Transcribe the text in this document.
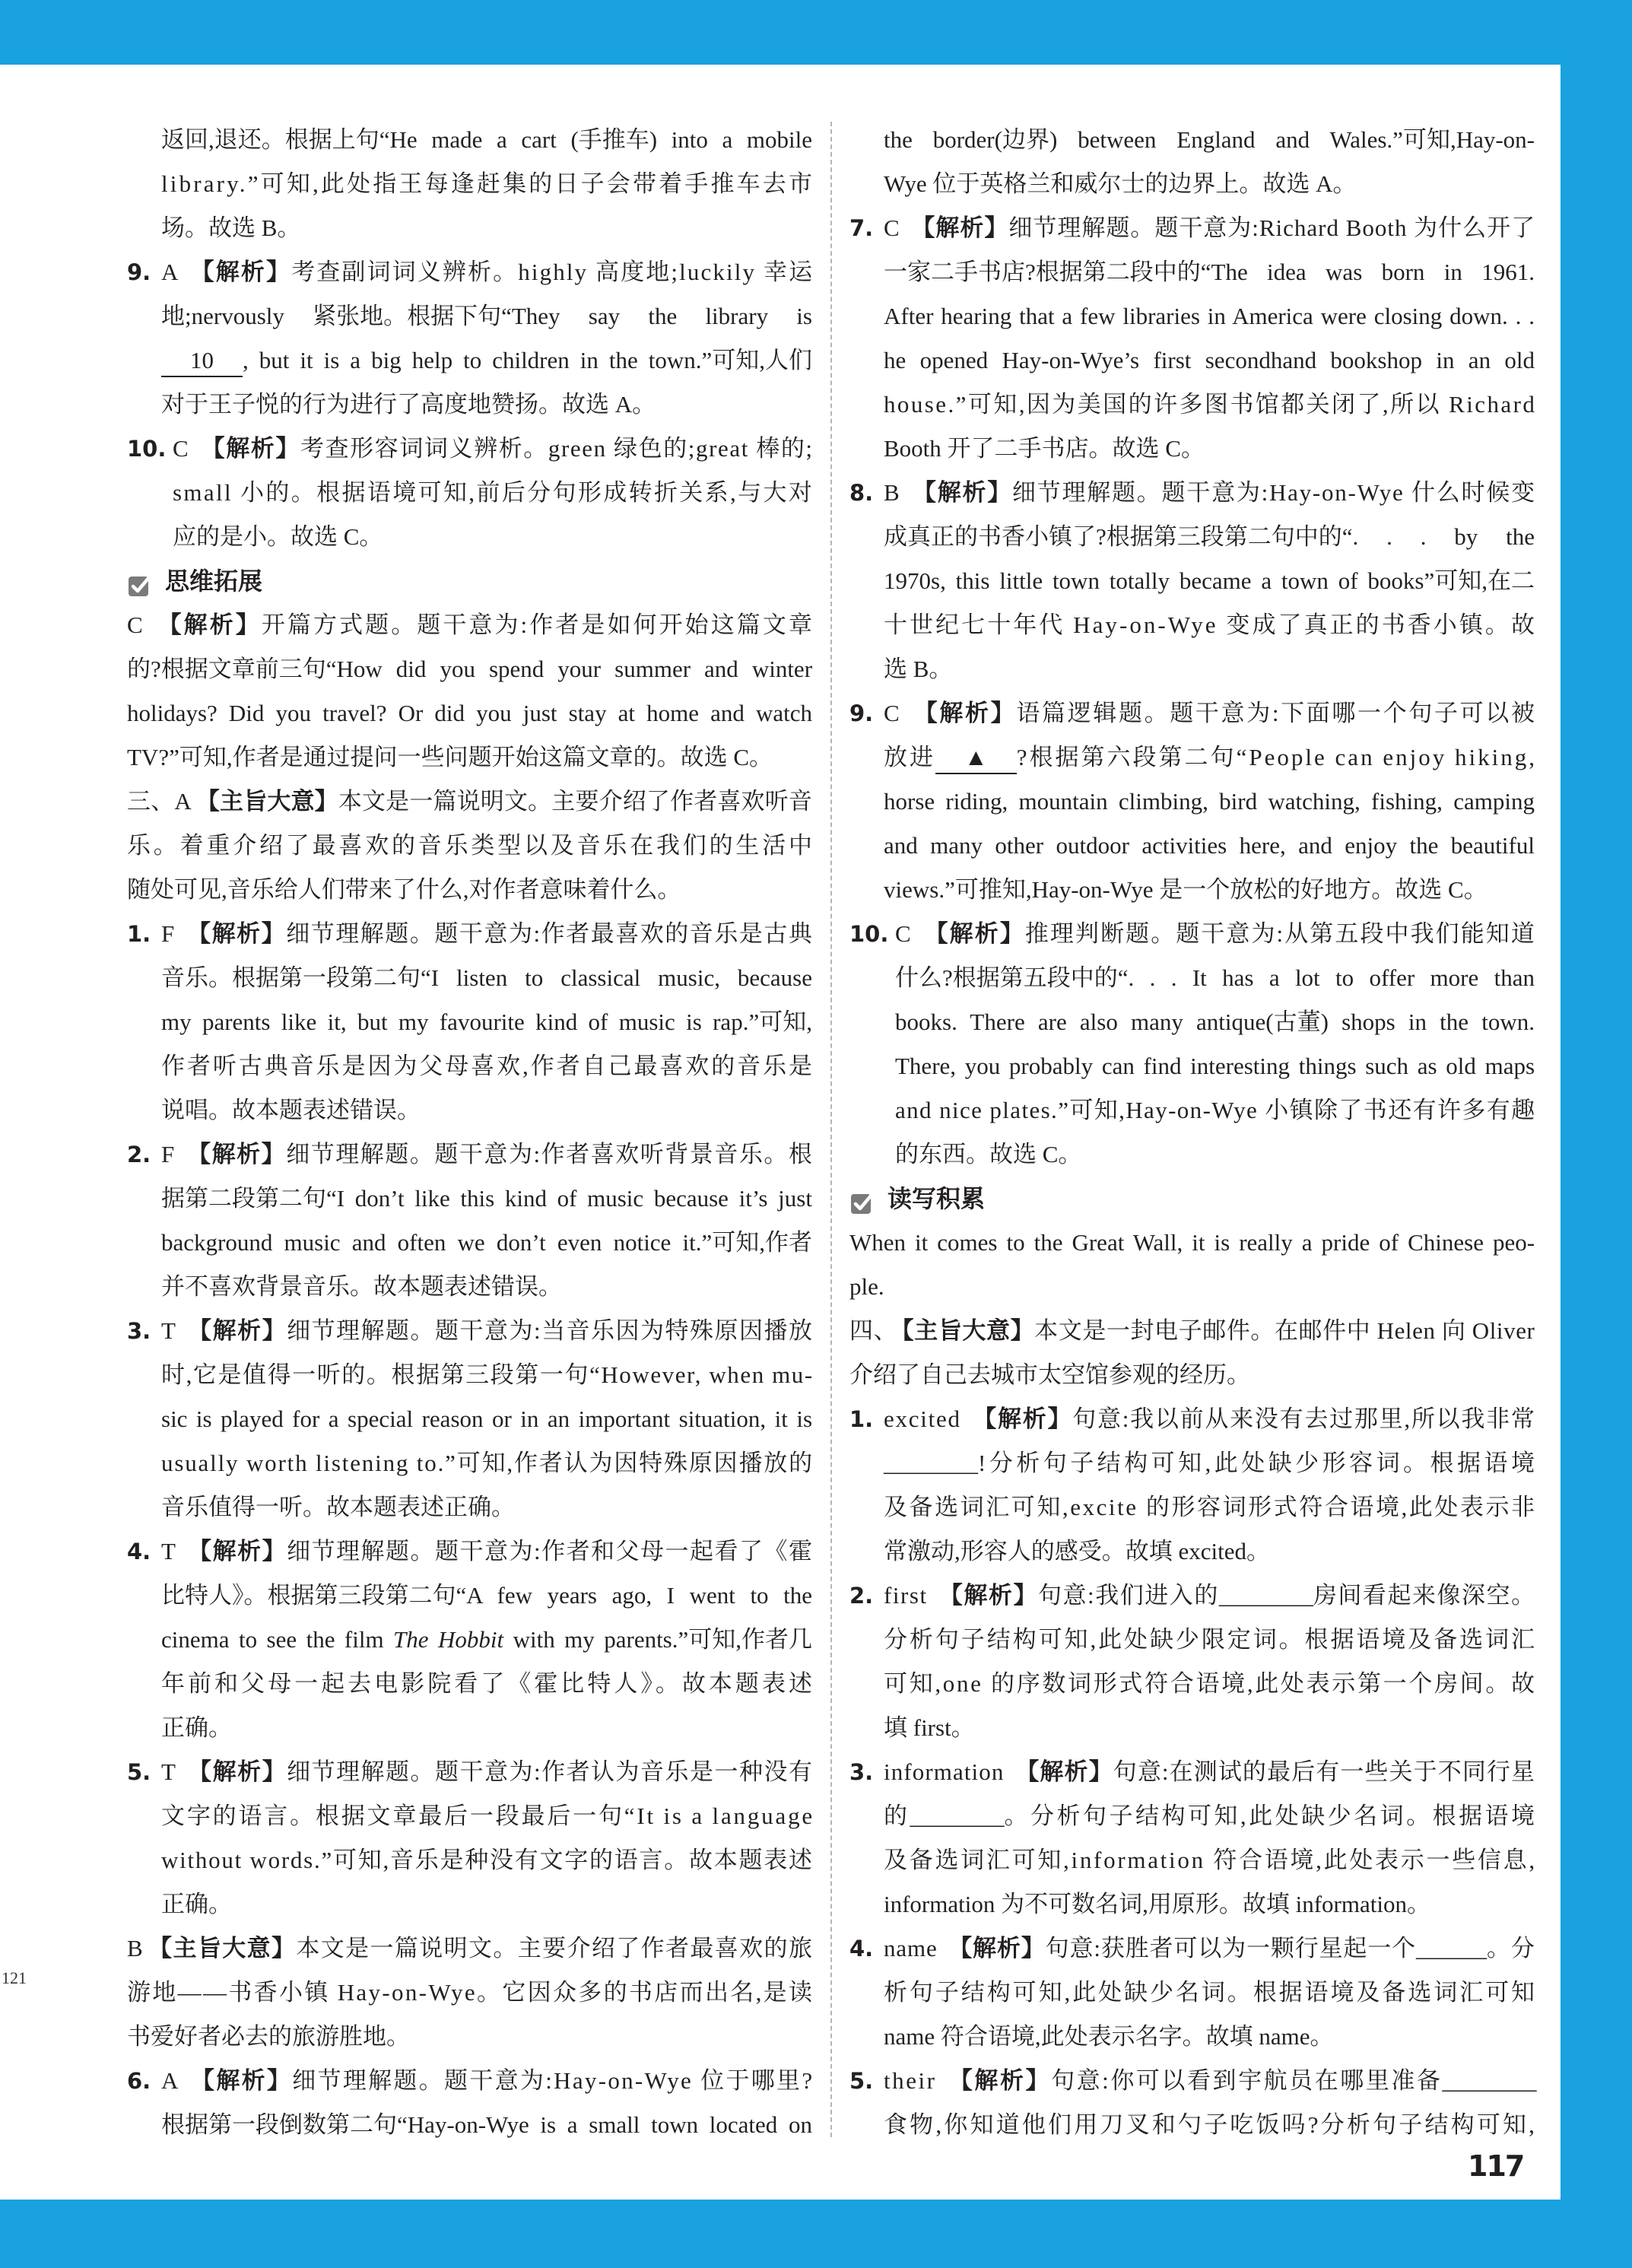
返回,退还。根据上句“He made a cart (手推车) into a mobile
library.”可知,此处指王每逢赶集的日子会带着手推车去市
场。故选 B。
9. A 【解析】考查副词词义辨析。highly 高度地;luckily 幸运
地;nervously 紧张地。根据下句“They say the library is
10 , but it is a big help to children in the town.”可知,人们
对于王子悦的行为进行了高度地赞扬。故选 A。
10. C 【解析】考查形容词词义辨析。green 绿色的;great 棒的;
small 小的。根据语境可知,前后分句形成转折关系,与大对
应的是小。故选 C。
思维拓展
C 【解析】开篇方式题。题干意为:作者是如何开始这篇文章
的?根据文章前三句“How did you spend your summer and winter
holidays? Did you travel? Or did you just stay at home and watch
TV?”可知,作者是通过提问一些问题开始这篇文章的。故选 C。
三、A 【主旨大意】本文是一篇说明文。主要介绍了作者喜欢听音
乐。着重介绍了最喜欢的音乐类型以及音乐在我们的生活中
随处可见,音乐给人们带来了什么,对作者意味着什么。
1. F 【解析】细节理解题。题干意为:作者最喜欢的音乐是古典
音乐。根据第一段第二句“I listen to classical music, because
my parents like it, but my favourite kind of music is rap.”可知,
作者听古典音乐是因为父母喜欢,作者自己最喜欢的音乐是
说唱。故本题表述错误。
2. F 【解析】细节理解题。题干意为:作者喜欢听背景音乐。根
据第二段第二句“I don’t like this kind of music because it’s just
background music and often we don’t even notice it.”可知,作者
并不喜欢背景音乐。故本题表述错误。
3. T 【解析】细节理解题。题干意为:当音乐因为特殊原因播放
时,它是值得一听的。根据第三段第一句“However, when mu-
sic is played for a special reason or in an important situation, it is
usually worth listening to.”可知,作者认为因特殊原因播放的
音乐值得一听。故本题表述正确。
4. T 【解析】细节理解题。题干意为:作者和父母一起看了《霍
比特人》。根据第三段第二句“A few years ago, I went to the
cinema to see the film The Hobbit with my parents.”可知,作者几
年前和父母一起去电影院看了《霍比特人》。故本题表述
正确。
5. T 【解析】细节理解题。题干意为:作者认为音乐是一种没有
文字的语言。根据文章最后一段最后一句“It is a language
without words.”可知,音乐是种没有文字的语言。故本题表述
正确。
B 【主旨大意】本文是一篇说明文。主要介绍了作者最喜欢的旅
游地——书香小镇 Hay-on-Wye。它因众多的书店而出名,是读
书爱好者必去的旅游胜地。
6. A 【解析】细节理解题。题干意为:Hay-on-Wye 位于哪里?
根据第一段倒数第二句“Hay-on-Wye is a small town located on
the border(边界) between England and Wales.”可知,Hay-on-
Wye 位于英格兰和威尔士的边界上。故选 A。
7. C 【解析】细节理解题。题干意为:Richard Booth 为什么开了
一家二手书店?根据第二段中的“The idea was born in 1961.
After hearing that a few libraries in America were closing down. . .
he opened Hay-on-Wye’s first secondhand bookshop in an old
house.”可知,因为美国的许多图书馆都关闭了,所以 Richard
Booth 开了二手书店。故选 C。
8. B 【解析】细节理解题。题干意为:Hay-on-Wye 什么时候变
成真正的书香小镇了?根据第三段第二句中的“. . . by the
1970s, this little town totally became a town of books”可知,在二
十世纪七十年代 Hay-on-Wye 变成了真正的书香小镇。故
选 B。
9. C 【解析】语篇逻辑题。题干意为:下面哪一个句子可以被
放进 ▲ ?根据第六段第二句“People can enjoy hiking,
horse riding, mountain climbing, bird watching, fishing, camping
and many other outdoor activities here, and enjoy the beautiful
views.”可推知,Hay-on-Wye 是一个放松的好地方。故选 C。
10. C 【解析】推理判断题。题干意为:从第五段中我们能知道
什么?根据第五段中的“. . . It has a lot to offer more than
books. There are also many antique(古董) shops in the town.
There, you probably can find interesting things such as old maps
and nice plates.”可知,Hay-on-Wye 小镇除了书还有许多有趣
的东西。故选 C。
读写积累
When it comes to the Great Wall, it is really a pride of Chinese peo-
ple.
四、 【主旨大意】本文是一封电子邮件。在邮件中 Helen 向 Oliver
介绍了自己去城市太空馆参观的经历。
1. excited 【解析】句意:我以前从来没有去过那里,所以我非常
________!分析句子结构可知,此处缺少形容词。根据语境
及备选词汇可知,excite 的形容词形式符合语境,此处表示非
常激动,形容人的感受。故填 excited。
2. first 【解析】句意:我们进入的________房间看起来像深空。
分析句子结构可知,此处缺少限定词。根据语境及备选词汇
可知,one 的序数词形式符合语境,此处表示第一个房间。故
填 first。
3. information 【解析】句意:在测试的最后有一些关于不同行星
的________。分析句子结构可知,此处缺少名词。根据语境
及备选词汇可知,information 符合语境,此处表示一些信息,
information 为不可数名词,用原形。故填 information。
4. name 【解析】句意:获胜者可以为一颗行星起一个______。分
析句子结构可知,此处缺少名词。根据语境及备选词汇可知
name 符合语境,此处表示名字。故填 name。
5. their 【解析】句意:你可以看到宇航员在哪里准备________
食物,你知道他们用刀叉和勺子吃饭吗?分析句子结构可知,
121
117
